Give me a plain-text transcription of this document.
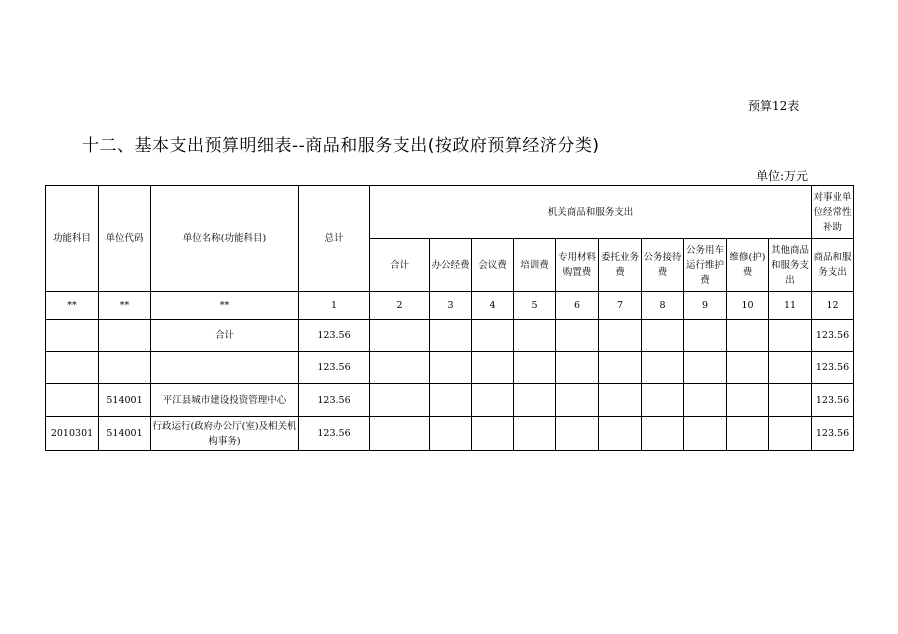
预算12表
十二、基本支出预算明细表--商品和服务支出(按政府预算经济分类)
单位:万元
功能科目	单位代码	单位名称(功能科目)	总计	机关商品和服务支出										对事业单位经常性补助
				合计	办公经费	会议费	培训费	专用材料购置费	委托业务费	公务接待费	公务用车运行维护费	维修(护)费	其他商品和服务支出	商品和服务支出
**	**	**	1	2	3	4	5	6	7	8	9	10	11	12
		合计	123.56											123.56
			123.56											123.56
	514001	平江县城市建设投资管理中心	123.56											123.56
2010301	514001	行政运行(政府办公厅(室)及相关机构事务)	123.56											123.56
